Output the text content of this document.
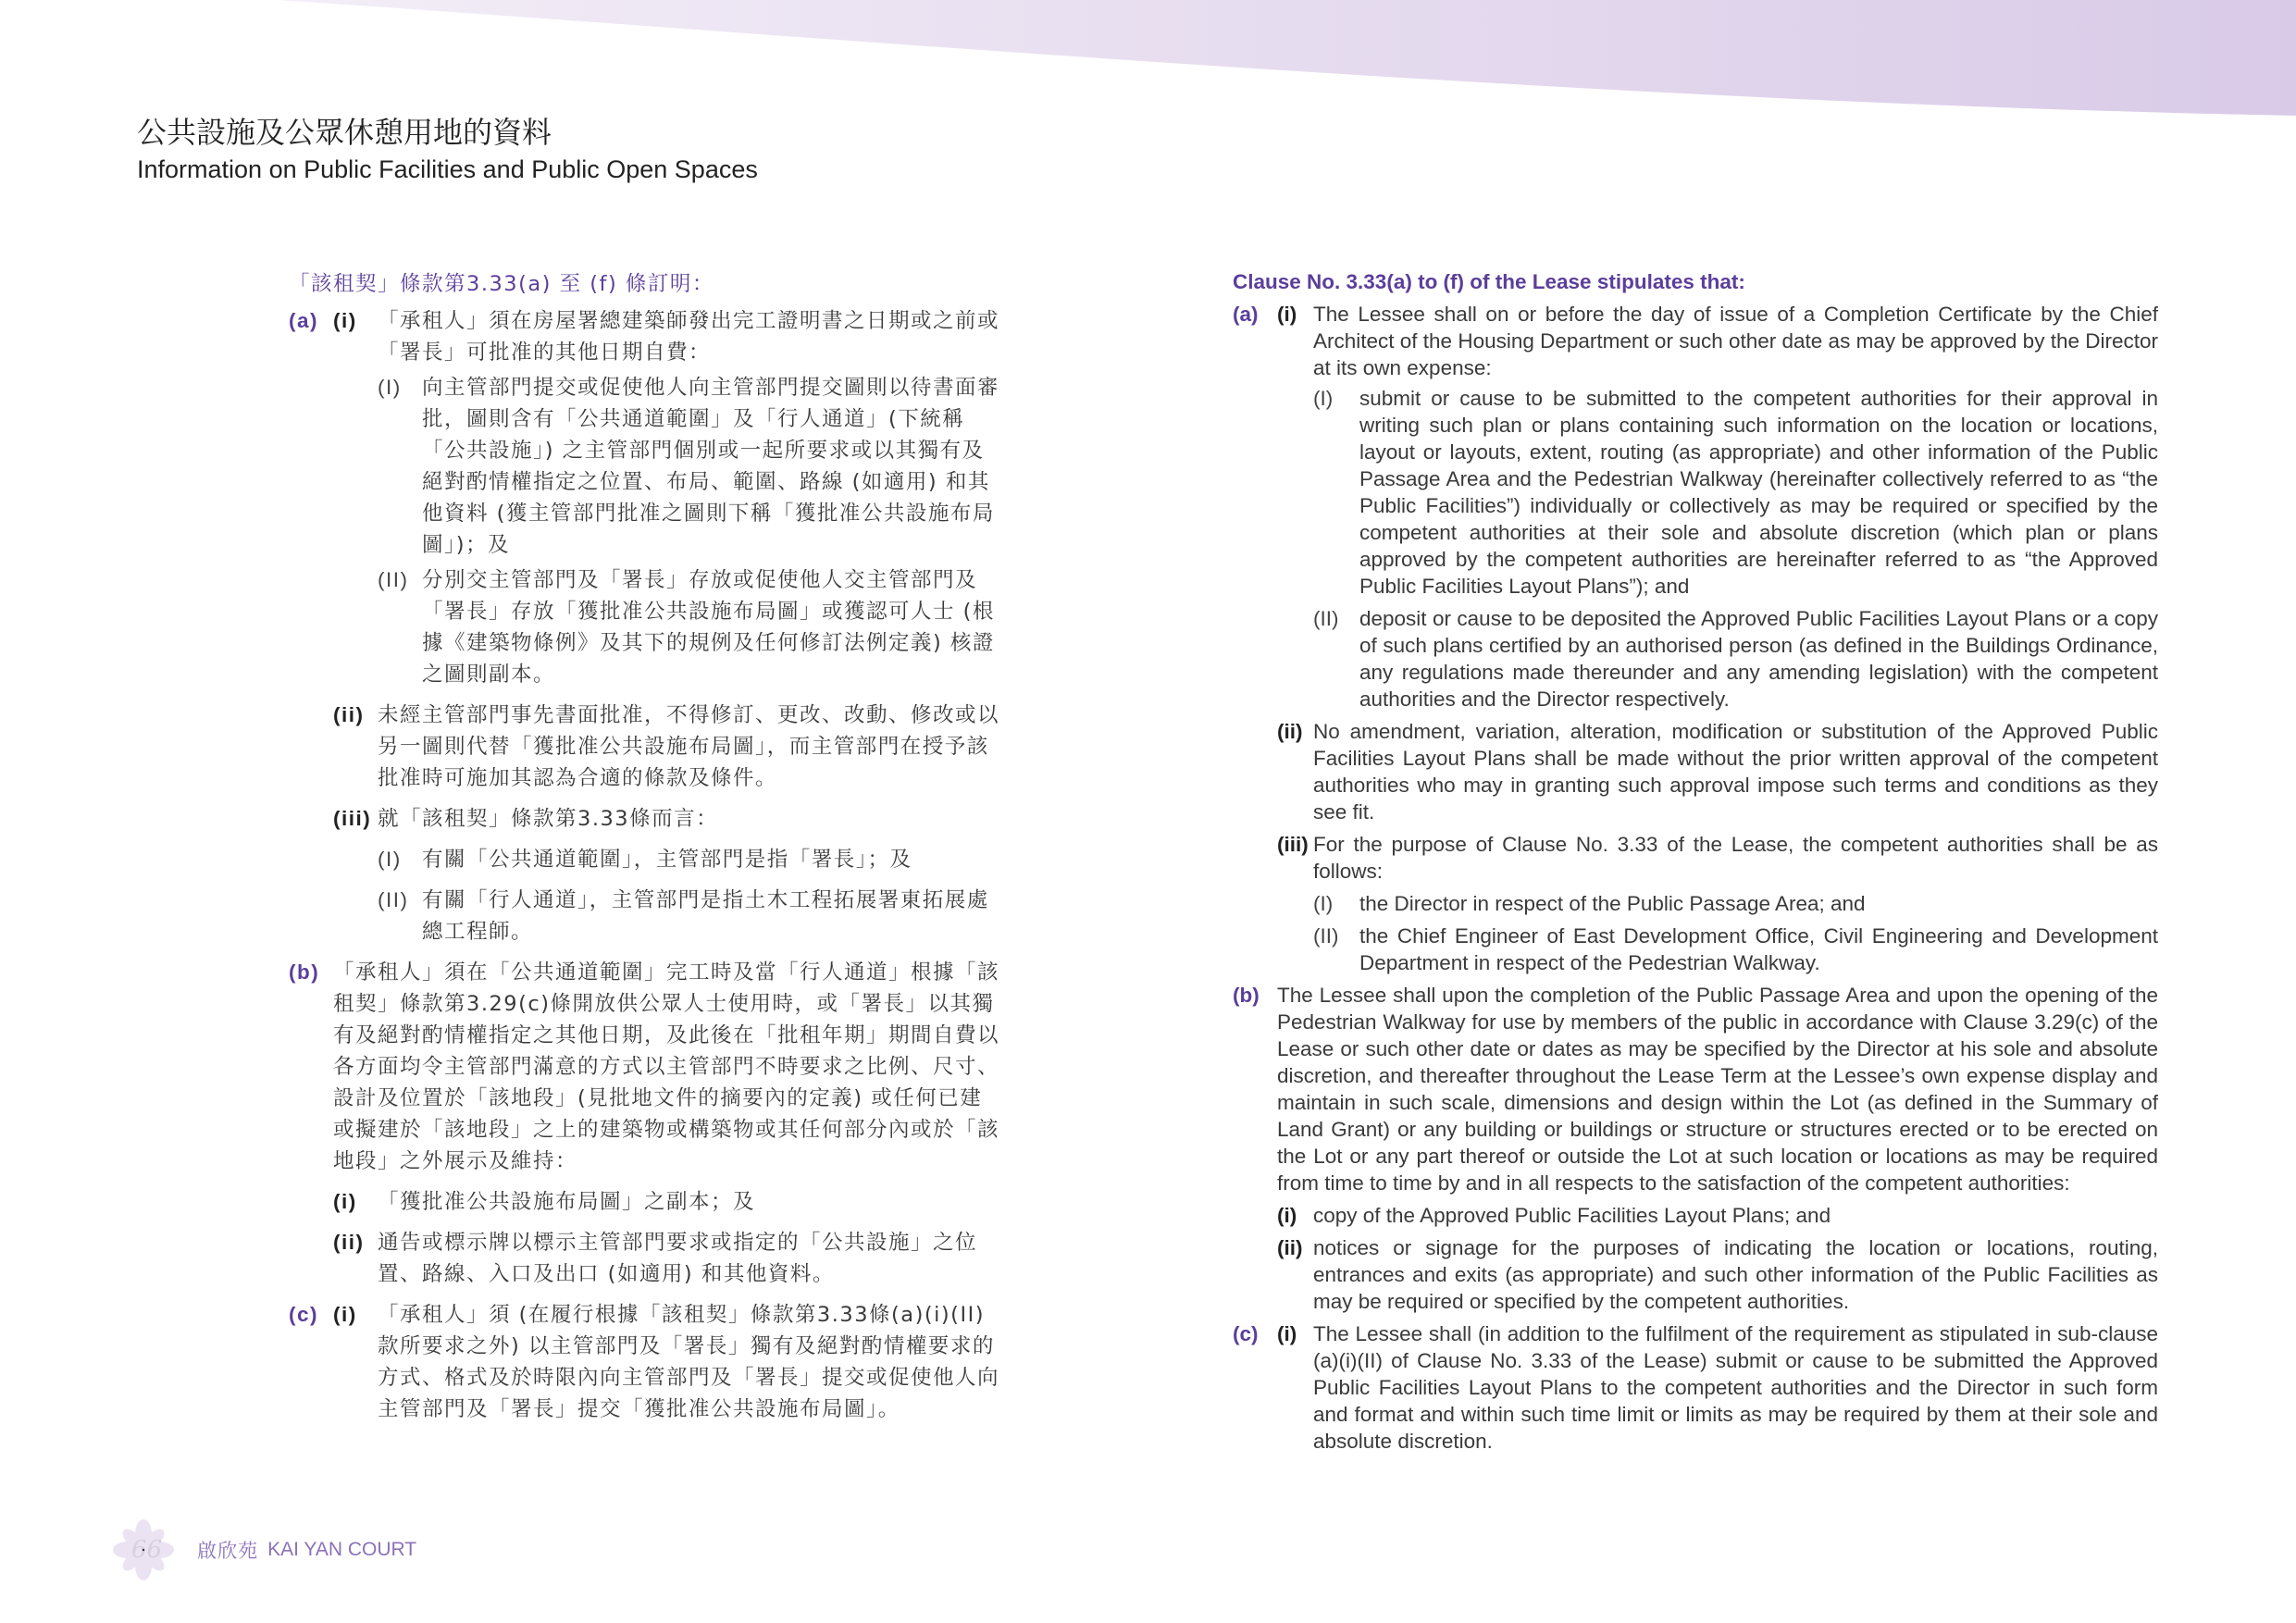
公共設施及公眾休憩用地的資料
Information on Public Facilities and Public Open Spaces
「該租契」條款第3.33(a) 至 (f) 條訂明：
(a) (i) 「承租人」須在房屋署總建築師發出完工證明書之日期或之前或「署長」可批准的其他日期自費：
(I) 向主管部門提交或促使他人向主管部門提交圖則以待書面審批，圖則含有「公共通道範圍」及「行人通道」(下統稱「公共設施」) 之主管部門個別或一起所要求或以其獨有及絕對酌情權指定之位置、布局、範圍、路線 (如適用) 和其他資料 (獲主管部門批准之圖則下稱「獲批准公共設施布局圖」)；及
(II) 分別交主管部門及「署長」存放或促使他人交主管部門及「署長」存放「獲批准公共設施布局圖」或獲認可人士 (根據《建築物條例》及其下的規例及任何修訂法例定義) 核證之圖則副本。
(ii) 未經主管部門事先書面批准，不得修訂、更改、改動、修改或以另一圖則代替「獲批准公共設施布局圖」，而主管部門在授予該批准時可施加其認為合適的條款及條件。
(iii) 就「該租契」條款第3.33條而言：
(I) 有關「公共通道範圍」，主管部門是指「署長」；及
(II) 有關「行人通道」，主管部門是指土木工程拓展署東拓展處總工程師。
(b) 「承租人」須在「公共通道範圍」完工時及當「行人通道」根據「該租契」條款第3.29(c)條開放供公眾人士使用時，或「署長」以其獨有及絕對酌情權指定之其他日期，及此後在「批租年期」期間自費以各方面均令主管部門滿意的方式以主管部門不時要求之比例、尺寸、設計及位置於「該地段」(見批地文件的摘要內的定義) 或任何已建或擬建於「該地段」之上的建築物或構築物或其任何部分內或於「該地段」之外展示及維持：
(i) 「獲批准公共設施布局圖」之副本；及
(ii) 通告或標示牌以標示主管部門要求或指定的「公共設施」之位置、路線、入口及出口 (如適用) 和其他資料。
(c) (i) 「承租人」須 (在履行根據「該租契」條款第3.33條(a)(i)(II)款所要求之外) 以主管部門及「署長」獨有及絕對酌情權要求的方式、格式及於時限內向主管部門及「署長」提交或促使他人向主管部門及「署長」提交「獲批准公共設施布局圖」。
Clause No. 3.33(a) to (f) of the Lease stipulates that:
(a) (i) The Lessee shall on or before the day of issue of a Completion Certificate by the Chief Architect of the Housing Department or such other date as may be approved by the Director at its own expense:
(I) submit or cause to be submitted to the competent authorities for their approval in writing such plan or plans containing such information on the location or locations, layout or layouts, extent, routing (as appropriate) and other information of the Public Passage Area and the Pedestrian Walkway (hereinafter collectively referred to as “the Public Facilities”) individually or collectively as may be required or specified by the competent authorities at their sole and absolute discretion (which plan or plans approved by the competent authorities are hereinafter referred to as “the Approved Public Facilities Layout Plans”); and
(II) deposit or cause to be deposited the Approved Public Facilities Layout Plans or a copy of such plans certified by an authorised person (as defined in the Buildings Ordinance, any regulations made thereunder and any amending legislation) with the competent authorities and the Director respectively.
(ii) No amendment, variation, alteration, modification or substitution of the Approved Public Facilities Layout Plans shall be made without the prior written approval of the competent authorities who may in granting such approval impose such terms and conditions as they see fit.
(iii) For the purpose of Clause No. 3.33 of the Lease, the competent authorities shall be as follows:
(I) the Director in respect of the Public Passage Area; and
(II) the Chief Engineer of East Development Office, Civil Engineering and Development Department in respect of the Pedestrian Walkway.
(b) The Lessee shall upon the completion of the Public Passage Area and upon the opening of the Pedestrian Walkway for use by members of the public in accordance with Clause 3.29(c) of the Lease or such other date or dates as may be specified by the Director at his sole and absolute discretion, and thereafter throughout the Lease Term at the Lessee’s own expense display and maintain in such scale, dimensions and design within the Lot (as defined in the Summary of Land Grant) or any building or buildings or structure or structures erected or to be erected on the Lot or any part thereof or outside the Lot at such location or locations as may be required from time to time by and in all respects to the satisfaction of the competent authorities:
(i) copy of the Approved Public Facilities Layout Plans; and
(ii) notices or signage for the purposes of indicating the location or locations, routing, entrances and exits (as appropriate) and such other information of the Public Facilities as may be required or specified by the competent authorities.
(c) (i) The Lessee shall (in addition to the fulfilment of the requirement as stipulated in sub-clause (a)(i)(II) of Clause No. 3.33 of the Lease) submit or cause to be submitted the Approved Public Facilities Layout Plans to the competent authorities and the Director in such form and format and within such time limit or limits as may be required by them at their sole and absolute discretion.
啟欣苑 KAI YAN COURT
